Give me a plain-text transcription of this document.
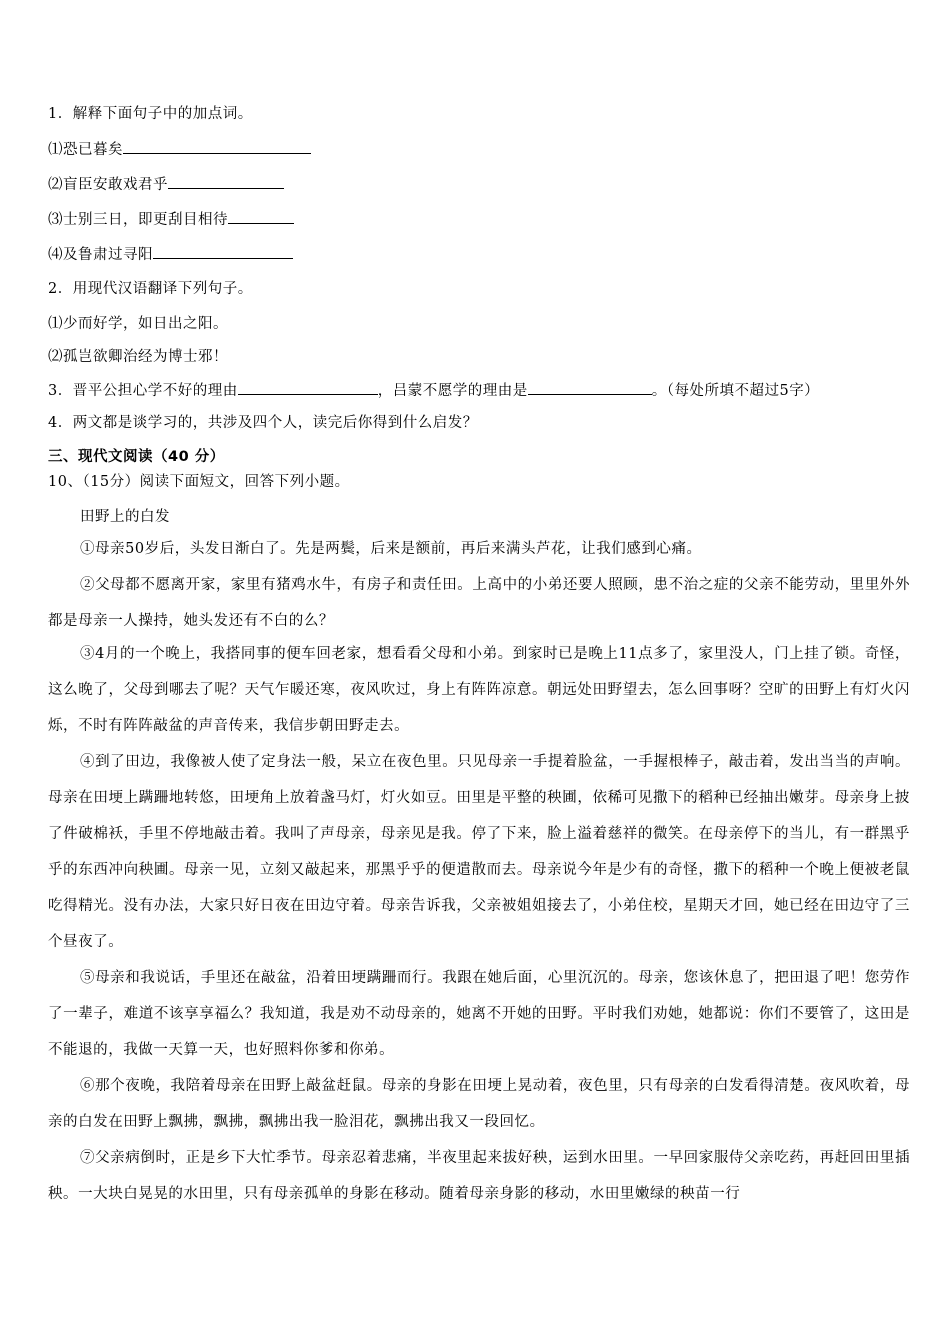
1．解释下面句子中的加点词。
⑴恐已暮矣
⑵盲臣安敢戏君乎
⑶士别三日，即更刮目相待
⑷及鲁肃过寻阳
2．用现代汉语翻译下列句子。
⑴少而好学，如日出之阳。
⑵孤岂欲卿治经为博士邪！
3．晋平公担心学不好的理由	，吕蒙不愿学的理由是	。（每处所填不超过5字）
4．两文都是谈学习的，共涉及四个人，读完后你得到什么启发？
三、现代文阅读（40 分）
10、（15分）阅读下面短文，回答下列小题。
田野上的白发
①母亲50岁后，头发日渐白了。先是两鬓，后来是额前，再后来满头芦花，让我们感到心痛。
②父母都不愿离开家，家里有猪鸡水牛，有房子和责任田。上高中的小弟还要人照顾，患不治之症的父亲不能劳动，里里外外都是母亲一人操持，她头发还有不白的么？
③4月的一个晚上，我搭同事的便车回老家，想看看父母和小弟。到家时已是晚上11点多了，家里没人，门上挂了锁。奇怪，这么晚了，父母到哪去了呢？天气乍暖还寒，夜风吹过，身上有阵阵凉意。朝远处田野望去，怎么回事呀？空旷的田野上有灯火闪烁，不时有阵阵敲盆的声音传来，我信步朝田野走去。
④到了田边，我像被人使了定身法一般，呆立在夜色里。只见母亲一手提着脸盆，一手握根棒子，敲击着，发出当当的声响。母亲在田埂上蹒跚地转悠，田埂角上放着盏马灯，灯火如豆。田里是平整的秧圃，依稀可见撒下的稻种已经抽出嫩芽。母亲身上披了件破棉袄，手里不停地敲击着。我叫了声母亲，母亲见是我。停了下来，脸上溢着慈祥的微笑。在母亲停下的当儿，有一群黑乎乎的东西冲向秧圃。母亲一见，立刻又敲起来，那黑乎乎的便遣散而去。母亲说今年是少有的奇怪，撒下的稻种一个晚上便被老鼠吃得精光。没有办法，大家只好日夜在田边守着。母亲告诉我，父亲被姐姐接去了，小弟住校，星期天才回，她已经在田边守了三个昼夜了。
⑤母亲和我说话，手里还在敲盆，沿着田埂蹒跚而行。我跟在她后面，心里沉沉的。母亲，您该休息了，把田退了吧！您劳作了一辈子，难道不该享享福么？我知道，我是劝不动母亲的，她离不开她的田野。平时我们劝她，她都说：你们不要管了，这田是不能退的，我做一天算一天，也好照料你爹和你弟。
⑥那个夜晚，我陪着母亲在田野上敲盆赶鼠。母亲的身影在田埂上晃动着，夜色里，只有母亲的白发看得清楚。夜风吹着，母亲的白发在田野上飘拂，飘拂，飘拂出我一脸泪花，飘拂出我又一段回忆。
⑦父亲病倒时，正是乡下大忙季节。母亲忍着悲痛，半夜里起来拔好秧，运到水田里。一早回家服侍父亲吃药，再赶回田里插秧。一大块白晃晃的水田里，只有母亲孤单的身影在移动。随着母亲身影的移动，水田里嫩绿的秧苗一行
